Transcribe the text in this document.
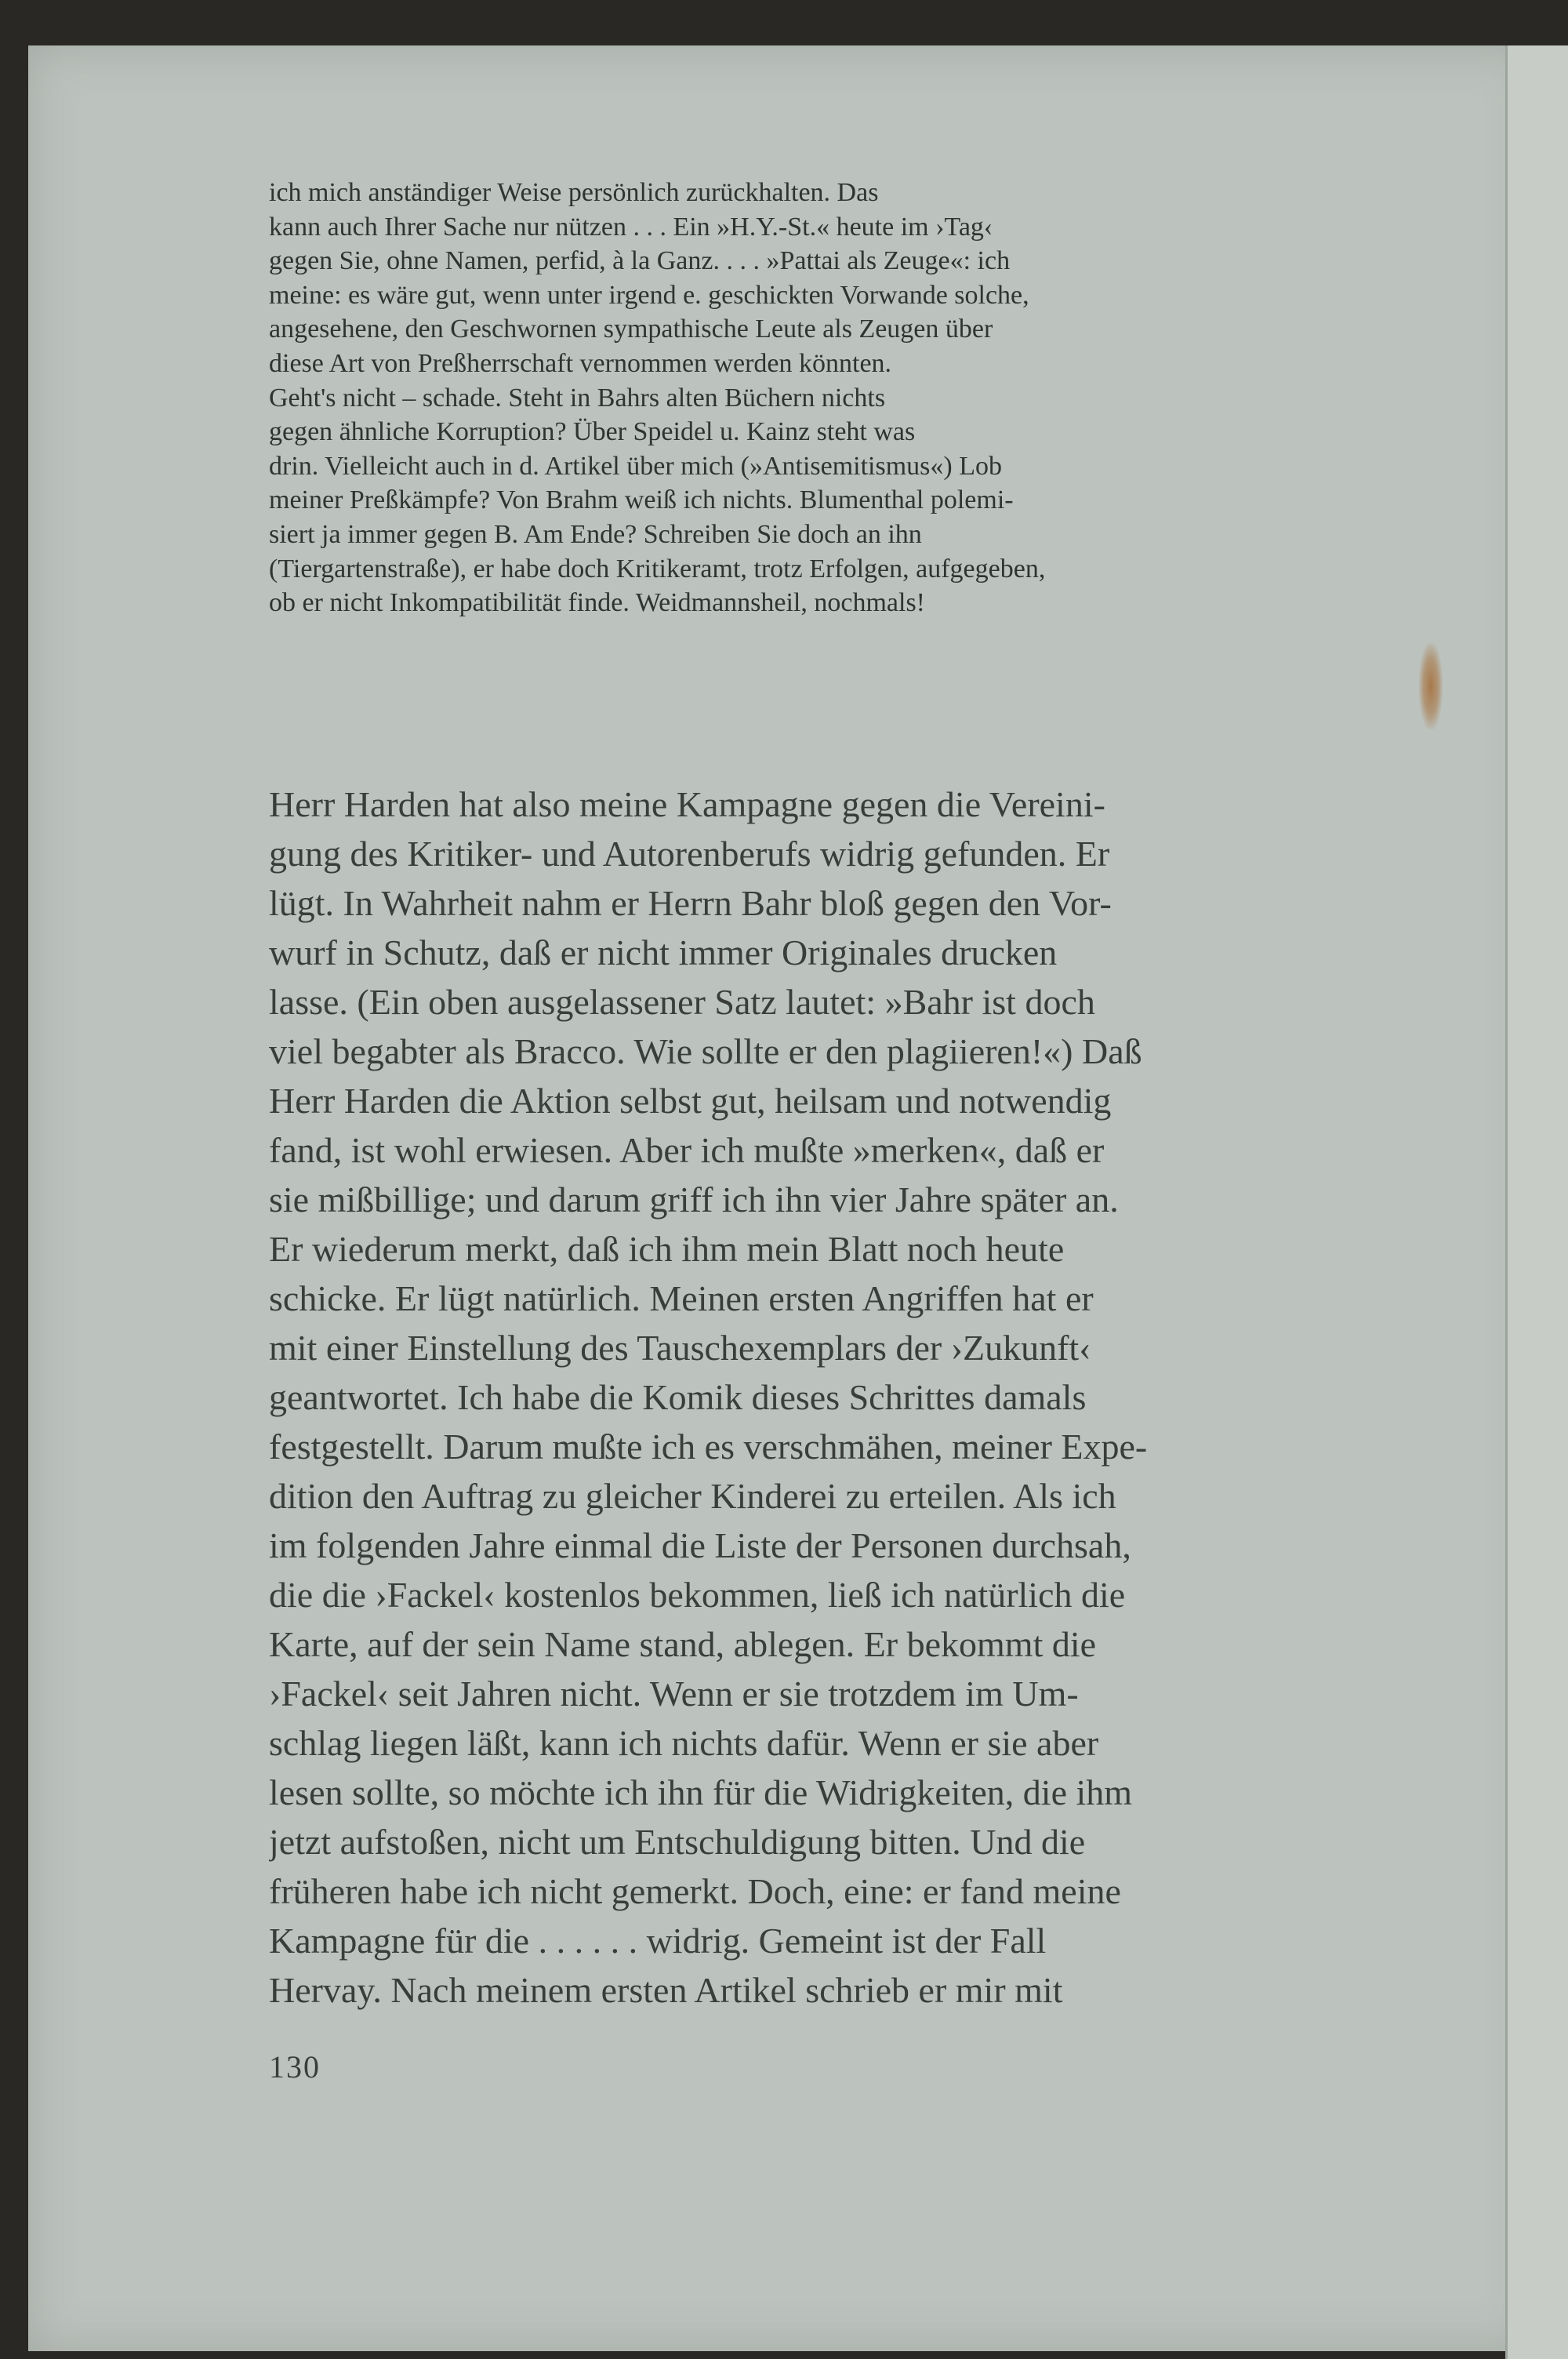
ich mich anständiger Weise persönlich zurückhalten. Das
kann auch Ihrer Sache nur nützen . . . Ein »H.Y.-St.« heute im ›Tag‹
gegen Sie, ohne Namen, perfid, à la Ganz. . . . »Pattai als Zeuge«: ich
meine: es wäre gut, wenn unter irgend e. geschickten Vorwande solche,
angesehene, den Geschwornen sympathische Leute als Zeugen über
diese Art von Preßherrschaft vernommen werden könnten.
Geht's nicht – schade. Steht in Bahrs alten Büchern nichts
gegen ähnliche Korruption? Über Speidel u. Kainz steht was
drin. Vielleicht auch in d. Artikel über mich (»Antisemitismus«) Lob
meiner Preßkämpfe? Von Brahm weiß ich nichts. Blumenthal polemi-
siert ja immer gegen B. Am Ende? Schreiben Sie doch an ihn
(Tiergartenstraße), er habe doch Kritikeramt, trotz Erfolgen, aufgegeben,
ob er nicht Inkompatibilität finde. Weidmannsheil, nochmals!
Herr Harden hat also meine Kampagne gegen die Vereini-
gung des Kritiker- und Autorenberufs widrig gefunden. Er
lügt. In Wahrheit nahm er Herrn Bahr bloß gegen den Vor-
wurf in Schutz, daß er nicht immer Originales drucken
lasse. (Ein oben ausgelassener Satz lautet: »Bahr ist doch
viel begabter als Bracco. Wie sollte er den plagiieren!«) Daß
Herr Harden die Aktion selbst gut, heilsam und notwendig
fand, ist wohl erwiesen. Aber ich mußte »merken«, daß er
sie mißbillige; und darum griff ich ihn vier Jahre später an.
Er wiederum merkt, daß ich ihm mein Blatt noch heute
schicke. Er lügt natürlich. Meinen ersten Angriffen hat er
mit einer Einstellung des Tauschexemplars der ›Zukunft‹
geantwortet. Ich habe die Komik dieses Schrittes damals
festgestellt. Darum mußte ich es verschmähen, meiner Expe-
dition den Auftrag zu gleicher Kinderei zu erteilen. Als ich
im folgenden Jahre einmal die Liste der Personen durchsah,
die die ›Fackel‹ kostenlos bekommen, ließ ich natürlich die
Karte, auf der sein Name stand, ablegen. Er bekommt die
›Fackel‹ seit Jahren nicht. Wenn er sie trotzdem im Um-
schlag liegen läßt, kann ich nichts dafür. Wenn er sie aber
lesen sollte, so möchte ich ihn für die Widrigkeiten, die ihm
jetzt aufstoßen, nicht um Entschuldigung bitten. Und die
früheren habe ich nicht gemerkt. Doch, eine: er fand meine
Kampagne für die . . . . . . widrig. Gemeint ist der Fall
Hervay. Nach meinem ersten Artikel schrieb er mir mit
130
